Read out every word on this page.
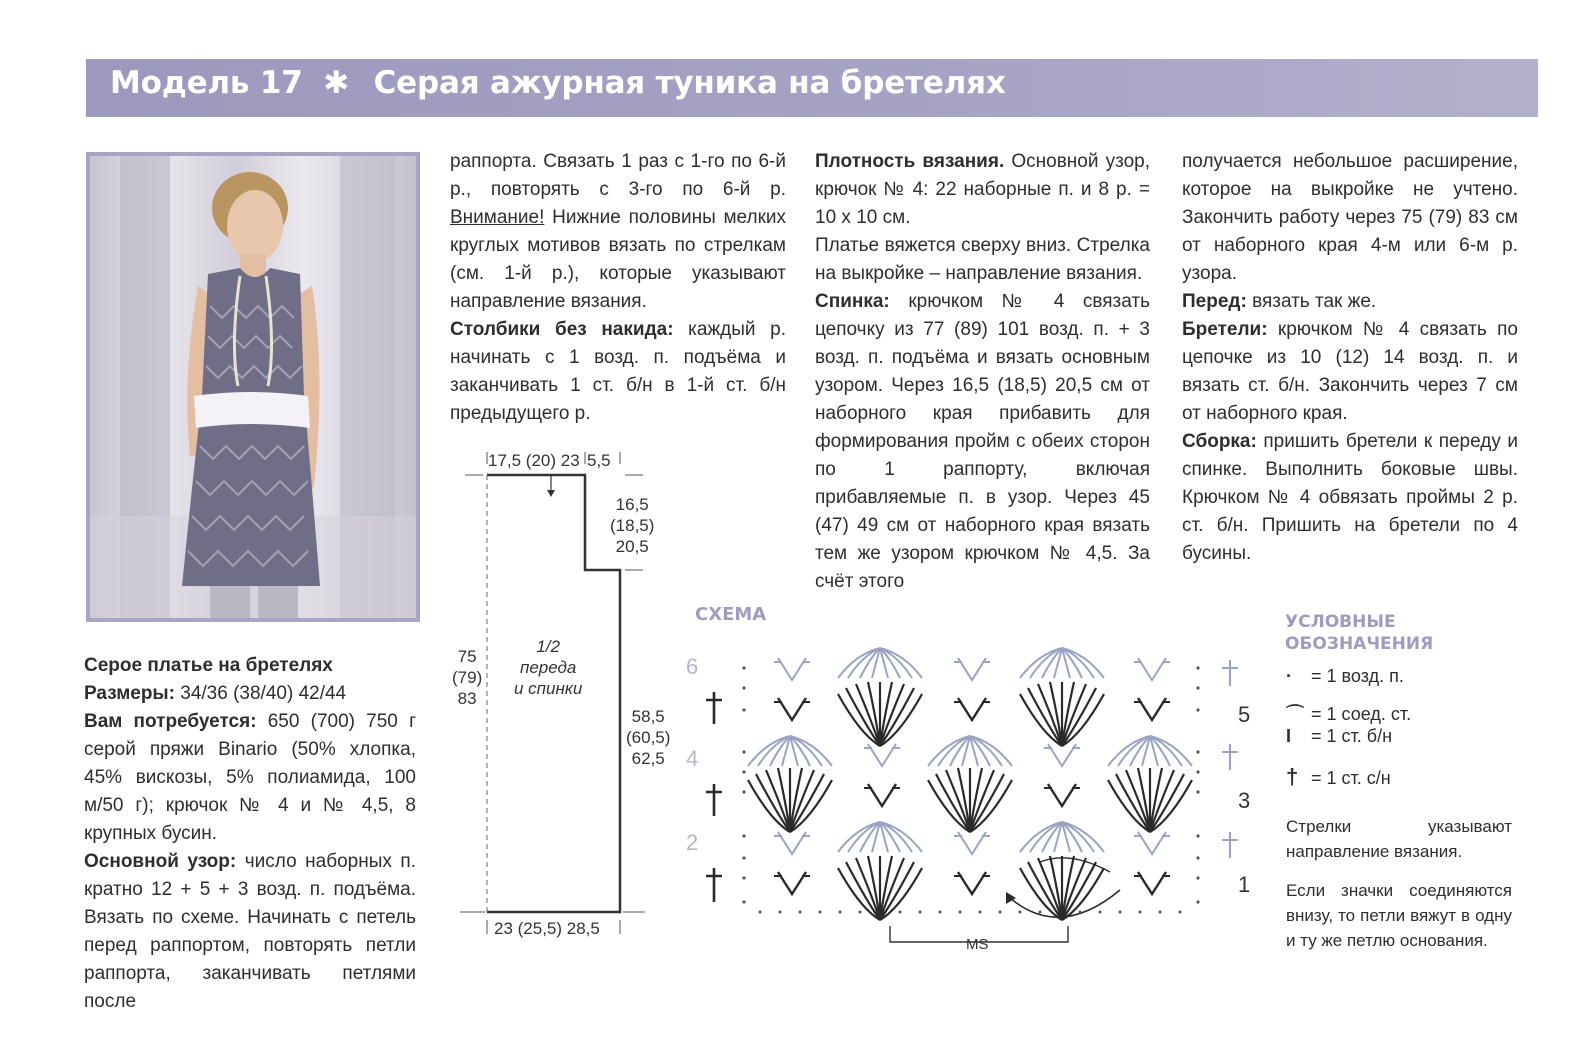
Модель 17 ✱ Серая ажурная туника на бретелях

Серое платье на бретелях

Размеры: 34/36 (38/40) 42/44

Вам потребуется: 650 (700) 750 г серой пряжи Binario (50% хлопка, 45% вискозы, 5% полиамида, 100 м/50 г); крючок № 4 и № 4,5, 8 крупных бусин.

Основной узор: число наборных п. кратно 12 + 5 + 3 возд. п. подъёма. Вязать по схеме. Начинать с петель перед раппортом, повторять петли раппорта, заканчивать петлями после

раппорта. Связать 1 раз с 1-го по 6-й р., повторять с 3-го по 6-й р. Внимание! Нижние половины мелких круглых мотивов вязать по стрелкам (см. 1-й р.), которые указывают направление вязания.

Столбики без накида: каждый р. начинать с 1 возд. п. подъёма и заканчивать 1 ст. б/н в 1-й ст. б/н предыдущего р.

Плотность вязания. Основной узор, крючок № 4: 22 наборные п. и 8 р. = 10 х 10 см.

Платье вяжется сверху вниз. Стрелка на выкройке – направление вязания.

Спинка: крючком № 4 связать цепочку из 77 (89) 101 возд. п. + 3 возд. п. подъёма и вязать основным узором. Через 16,5 (18,5) 20,5 см от наборного края прибавить для формирования пройм с обеих сторон по 1 раппорту, включая прибавляемые п. в узор. Через 45 (47) 49 см от наборного края вязать тем же узором крючком № 4,5. За счёт этого

получается небольшое расширение, которое на выкройке не учтено. Закончить работу через 75 (79) 83 см от наборного края 4-м или 6-м р. узора.

Перед: вязать так же.

Бретели: крючком № 4 связать по цепочке из 10 (12) 14 возд. п. и вязать ст. б/н. Закончить через 7 см от наборного края.

Сборка: пришить бретели к переду и спинке. Выполнить боковые швы. Крючком № 4 обвязать проймы 2 р. ст. б/н. Пришить на бретели по 4 бусины.

17,5 (20) 23 5,5
16,5
(18,5)
20,5
75
(79)
83
1/2
переда
и спинки
58,5
(60,5)
62,5
23 (25,5) 28,5
СХЕМА
6
4
2
5
3
1
MS
УСЛОВНЫЕ
ОБОЗНАЧЕНИЯ
· = 1 возд. п.
⌒ = 1 соед. ст.
I = 1 ст. б/н
† = 1 ст. с/н
Стрелки указывают направление вязания.
Если значки соединяются внизу, то петли вяжут в одну и ту же петлю основания.
